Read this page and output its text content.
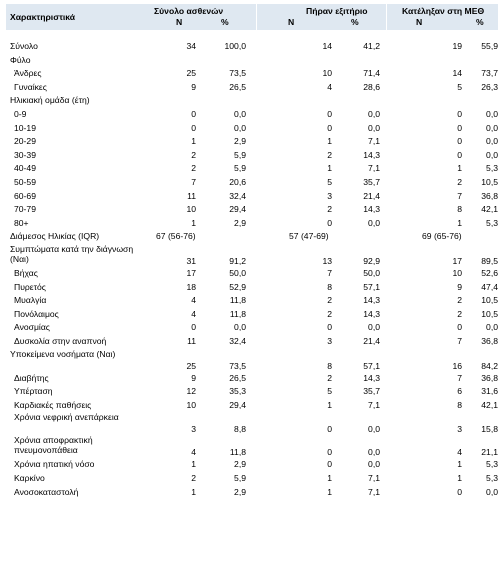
Χαρακτηριστικά
Σύνολο ασθενών
N	%
Πήραν εξιτήριο
N	%
Κατέληξαν στη ΜΕΘ
N	%
Σύνολο	34	100,0	14	41,2	19	55,9
Φύλο
Άνδρες	25	73,5	10	71,4	14	73,7
Γυναίκες	9	26,5	4	28,6	5	26,3
Ηλικιακή ομάδα (έτη)
0-9	0	0,0	0	0,0	0	0,0
10-19	0	0,0	0	0,0	0	0,0
20-29	1	2,9	1	7,1	0	0,0
30-39	2	5,9	2	14,3	0	0,0
40-49	2	5,9	1	7,1	1	5,3
50-59	7	20,6	5	35,7	2	10,5
60-69	11	32,4	3	21,4	7	36,8
70-79	10	29,4	2	14,3	8	42,1
80+	1	2,9	0	0,0	1	5,3
Διάμεσος Ηλικίας (IQR)	67 (56-76)	57 (47-69)	69 (65-76)
Συμπτώματα κατά την διάγνωση (Ναι)	31	91,2	13	92,9	17	89,5
Βήχας	17	50,0	7	50,0	10	52,6
Πυρετός	18	52,9	8	57,1	9	47,4
Μυαλγία	4	11,8	2	14,3	2	10,5
Πονόλαιμος	4	11,8	2	14,3	2	10,5
Ανοσμίας	0	0,0	0	0,0	0	0,0
Δυσκολία στην αναπνοή	11	32,4	3	21,4	7	36,8
Υποκείμενα νοσήματα (Ναι)
25	73,5	8	57,1	16	84,2
Διαβήτης	9	26,5	2	14,3	7	36,8
Υπέρταση	12	35,3	5	35,7	6	31,6
Καρδιακές παθήσεις	10	29,4	1	7,1	8	42,1
Χρόνια νεφρική ανεπάρκεια
3	8,8	0	0,0	3	15,8
Χρόνια αποφρακτική πνευμονοπάθεια	4	11,8	0	0,0	4	21,1
Χρόνια ηπατική νόσο	1	2,9	0	0,0	1	5,3
Καρκίνο	2	5,9	1	7,1	1	5,3
Ανοσοκαταστολή	1	2,9	1	7,1	0	0,0
